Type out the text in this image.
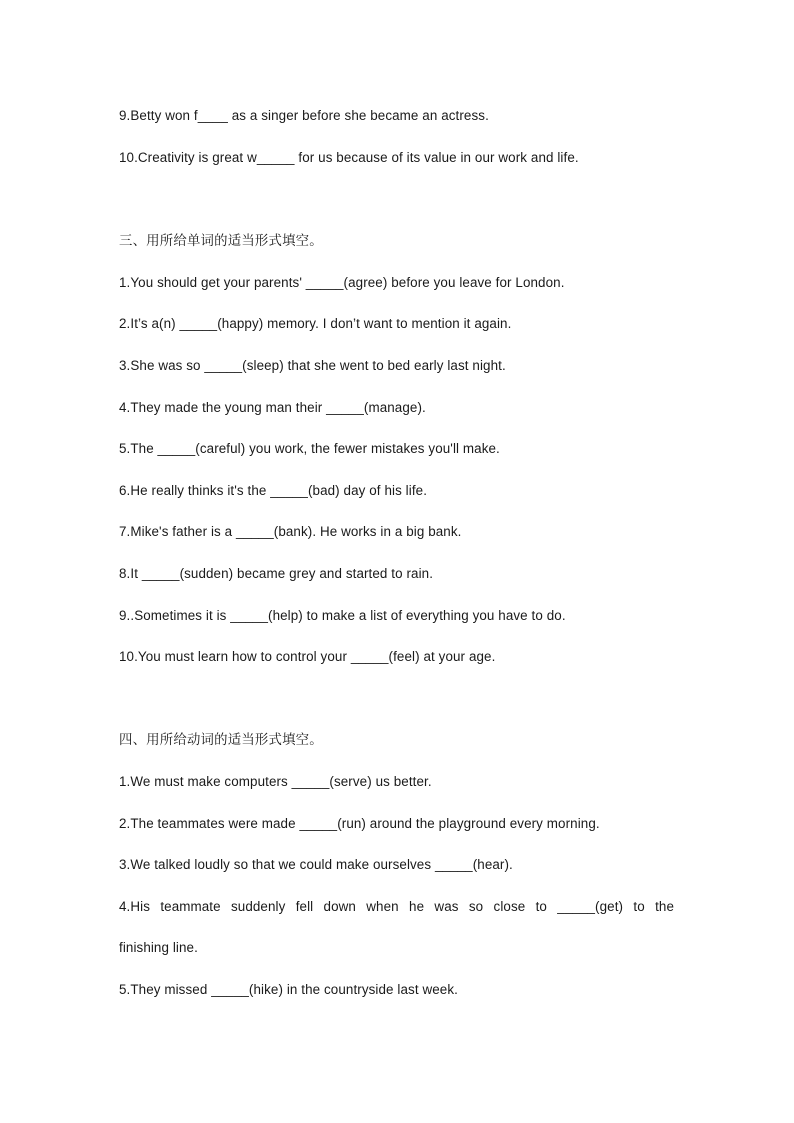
9.Betty won f____ as a singer before she became an actress.
10.Creativity is great w_____ for us because of its value in our work and life.
三、用所给单词的适当形式填空。
1.You should get your parents' _____(agree) before you leave for London.
2.It’s a(n) _____(happy) memory. I don’t want to mention it again.
3.She was so _____(sleep) that she went to bed early last night.
4.They made the young man their _____(manage).
5.The _____(careful) you work, the fewer mistakes you'll make.
6.He really thinks it's the _____(bad) day of his life.
7.Mike's father is a _____(bank). He works in a big bank.
8.It _____(sudden) became grey and started to rain.
9..Sometimes it is _____(help) to make a list of everything you have to do.
10.You must learn how to control your _____(feel) at your age.
四、用所给动词的适当形式填空。
1.We must make computers _____(serve) us better.
2.The teammates were made _____(run) around the playground every morning.
3.We talked loudly so that we could make ourselves _____(hear).
4.His teammate suddenly fell down when he was so close to _____(get) to the
finishing line.
5.They missed _____(hike) in the countryside last week.
